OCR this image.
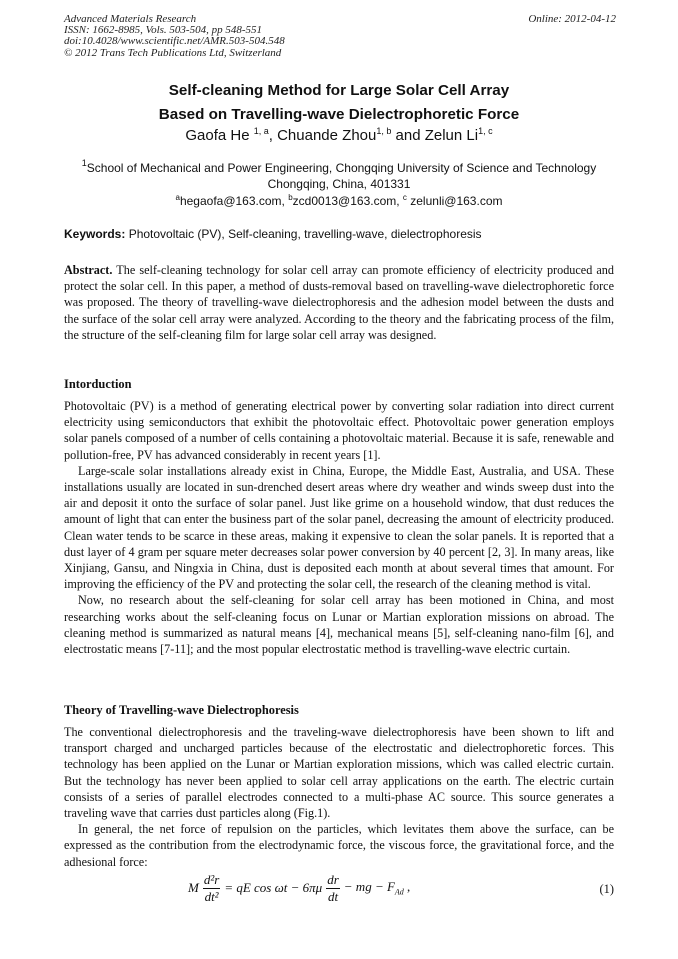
Advanced Materials Research
ISSN: 1662-8985, Vols. 503-504, pp 548-551
doi:10.4028/www.scientific.net/AMR.503-504.548
© 2012 Trans Tech Publications Ltd, Switzerland
Online: 2012-04-12
Self-cleaning Method for Large Solar Cell Array
Based on Travelling-wave Dielectrophoretic Force
Gaofa He $^{1, a}$, Chuande Zhou$^{1, b}$ and Zelun Li$^{1, c}$
$^1$School of Mechanical and Power Engineering, Chongqing University of Science and Technology
Chongqing, China, 401331
$^a$hegaofa@163.com, $^b$zcd0013@163.com, $^c$ zelunli@163.com
Keywords: Photovoltaic (PV), Self-cleaning, travelling-wave, dielectrophoresis

Abstract. The self-cleaning technology for solar cell array can promote efficiency of electricity produced and protect the solar cell. In this paper, a method of dusts-removal based on travelling-wave dielectrophoretic force was proposed. The theory of travelling-wave dielectrophoresis and the adhesion model between the dusts and the surface of the solar cell array were analyzed. According to the theory and the fabricating process of the film, the structure of the self-cleaning film for large solar cell array was designed.

Intorduction

Photovoltaic (PV) is a method of generating electrical power by converting solar radiation into direct current electricity using semiconductors that exhibit the photovoltaic effect. Photovoltaic power generation employs solar panels composed of a number of cells containing a photovoltaic material. Because it is safe, renewable and pollution-free, PV has advanced considerably in recent years [1].

Large-scale solar installations already exist in China, Europe, the Middle East, Australia, and USA. These installations usually are located in sun-drenched desert areas where dry weather and winds sweep dust into the air and deposit it onto the surface of solar panel. Just like grime on a household window, that dust reduces the amount of light that can enter the business part of the solar panel, decreasing the amount of electricity produced. Clean water tends to be scarce in these areas, making it expensive to clean the solar panels. It is reported that a dust layer of 4 gram per square meter decreases solar power conversion by 40 percent [2, 3]. In many areas, like Xinjiang, Gansu, and Ningxia in China, dust is deposited each month at about several times that amount. For improving the efficiency of the PV and protecting the solar cell, the research of the cleaning method is vital.

Now, no research about the self-cleaning for solar cell array has been motioned in China, and most researching works about the self-cleaning focus on Lunar or Martian exploration missions on abroad. The cleaning method is summarized as natural means [4], mechanical means [5], self-cleaning nano-film [6], and electrostatic means [7-11]; and the most popular electrostatic method is travelling-wave electric curtain.

Theory of Travelling-wave Dielectrophoresis

The conventional dielectrophoresis and the traveling-wave dielectrophoresis have been shown to lift and transport charged and uncharged particles because of the electrostatic and dielectrophoretic forces. This technology has been applied on the Lunar or Martian exploration missions, which was called electric curtain. But the technology has never been applied to solar cell array applications on the earth. The electric curtain consists of a series of parallel electrodes connected to a multi-phase AC source. This source generates a traveling wave that carries dust particles along (Fig.1).

In general, the net force of repulsion on the particles, which levitates them above the surface, can be expressed as the contribution from the electrodynamic force, the viscous force, the gravitational force, and the adhesional force:

M $\frac{\text{d²r}}{\text{dt²}}$ = qE $\cos \omega t - 6\pi\mu \frac{dr}{dt}$ − mg − $F_{Ad}$ ,	(1)
